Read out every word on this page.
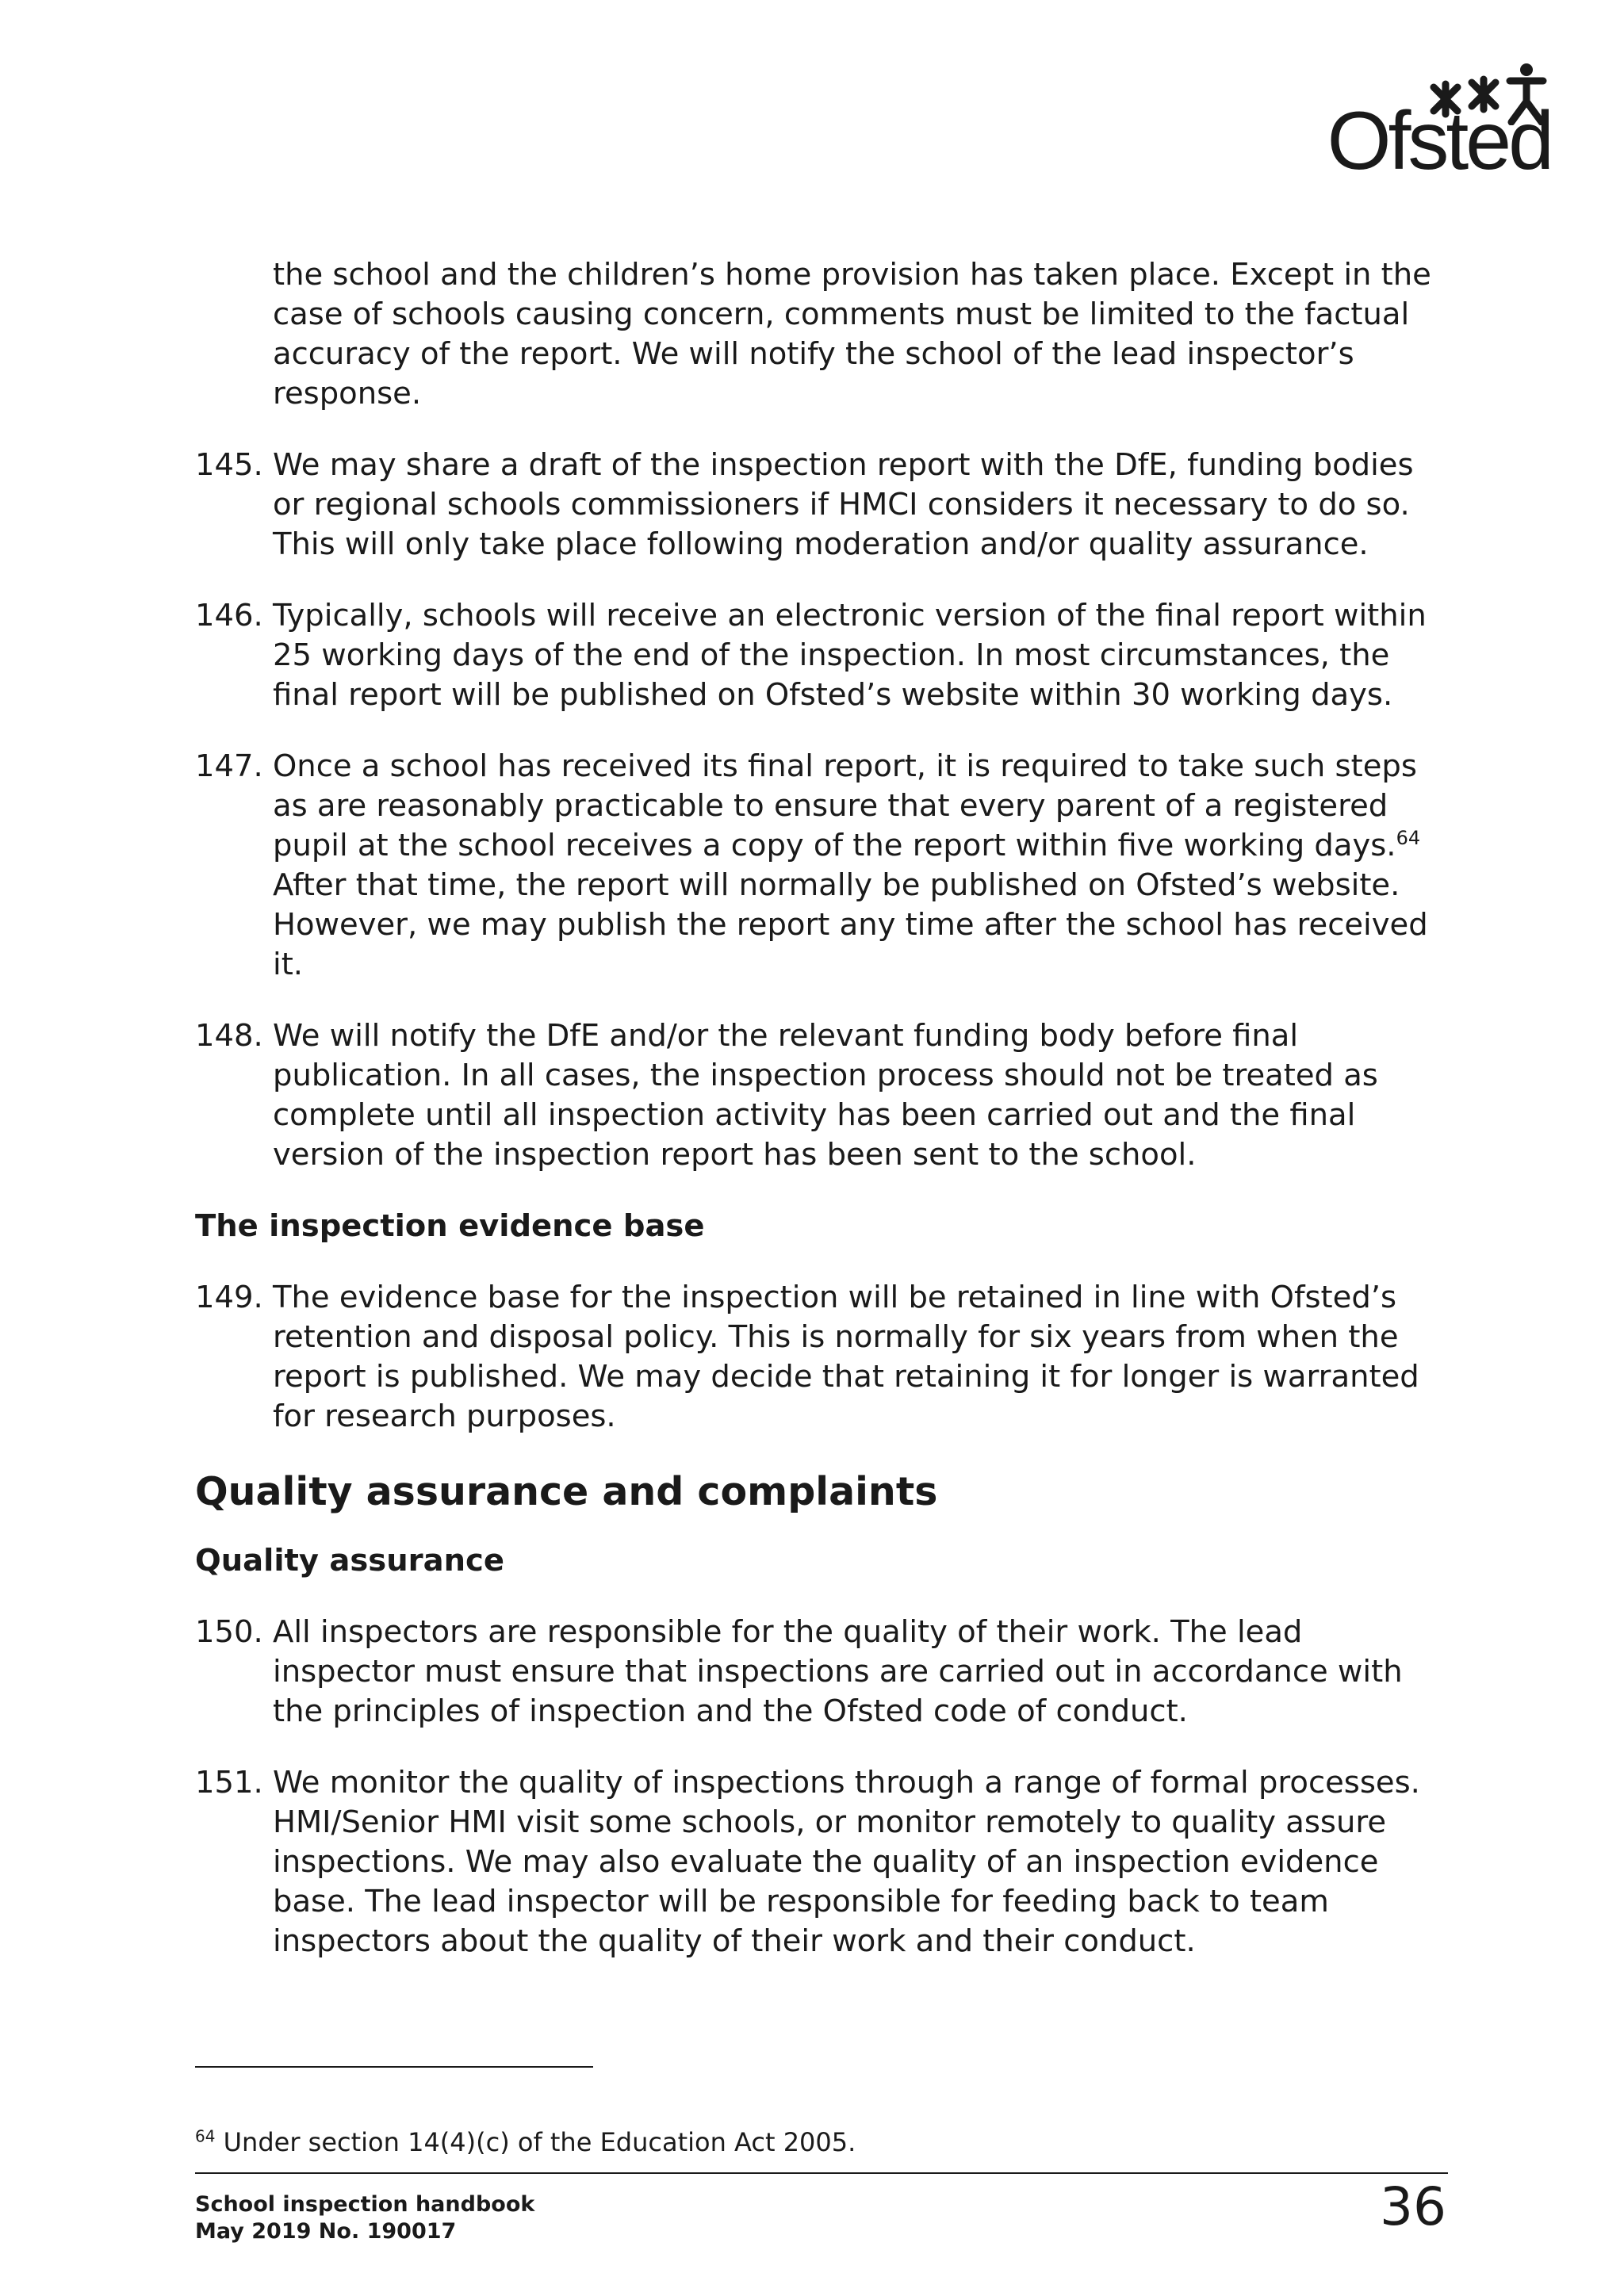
Ofsted

the school and the children’s home provision has taken place. Except in the case of schools causing concern, comments must be limited to the factual accuracy of the report. We will notify the school of the lead inspector’s response.

145. We may share a draft of the inspection report with the DfE, funding bodies or regional schools commissioners if HMCI considers it necessary to do so. This will only take place following moderation and/or quality assurance.
146. Typically, schools will receive an electronic version of the final report within 25 working days of the end of the inspection. In most circumstances, the final report will be published on Ofsted’s website within 30 working days.
147. Once a school has received its final report, it is required to take such steps as are reasonably practicable to ensure that every parent of a registered pupil at the school receives a copy of the report within five working days.$^{64}$ After that time, the report will normally be published on Ofsted’s website. However, we may publish the report any time after the school has received it.
148. We will notify the DfE and/or the relevant funding body before final publication. In all cases, the inspection process should not be treated as complete until all inspection activity has been carried out and the final version of the inspection report has been sent to the school.
The inspection evidence base
149. The evidence base for the inspection will be retained in line with Ofsted’s retention and disposal policy. This is normally for six years from when the report is published. We may decide that retaining it for longer is warranted for research purposes.
Quality assurance and complaints
Quality assurance
150. All inspectors are responsible for the quality of their work. The lead inspector must ensure that inspections are carried out in accordance with the principles of inspection and the Ofsted code of conduct.
151. We monitor the quality of inspections through a range of formal processes. HMI/Senior HMI visit some schools, or monitor remotely to quality assure inspections. We may also evaluate the quality of an inspection evidence base. The lead inspector will be responsible for feeding back to team inspectors about the quality of their work and their conduct.
$^{64}$ Under section 14(4)(c) of the Education Act 2005.
School inspection handbook
May 2019 No. 190017	36
